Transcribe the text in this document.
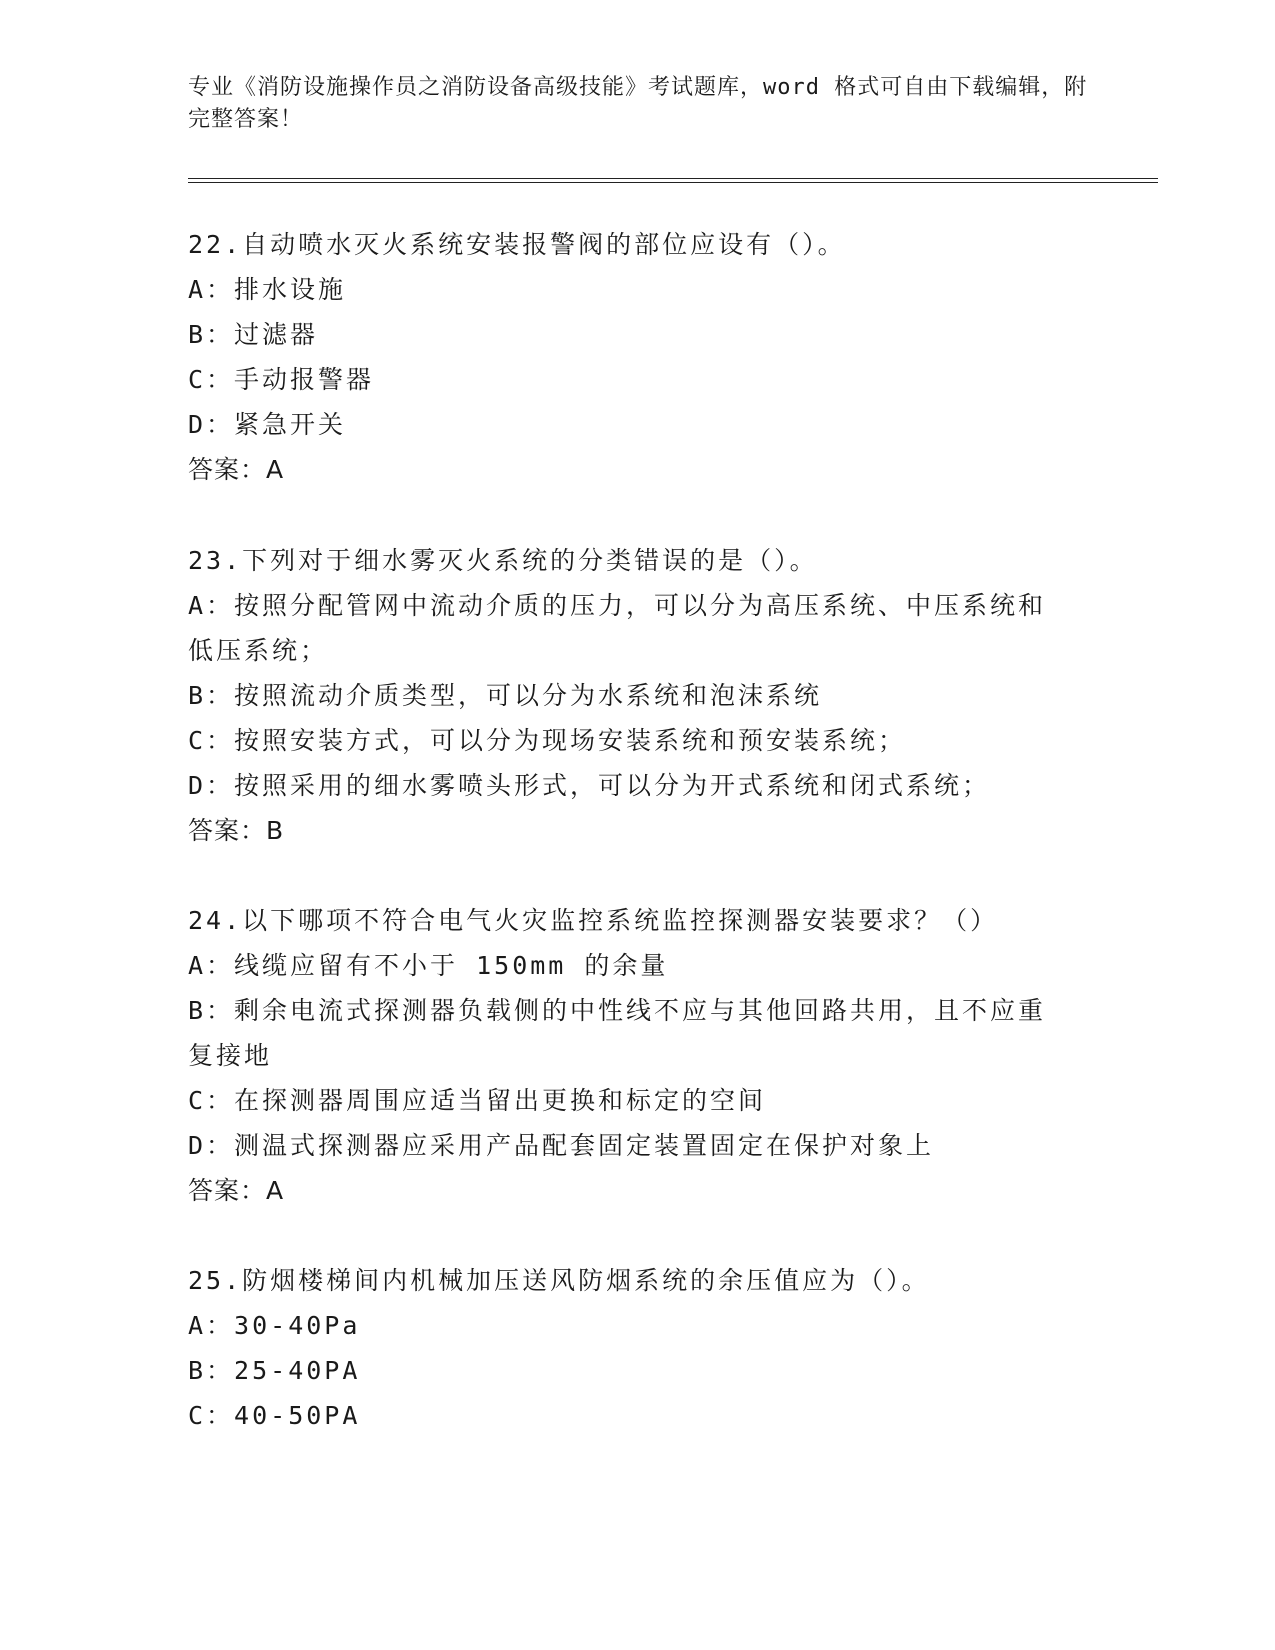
专业《消防设施操作员之消防设备高级技能》考试题库，word 格式可自由下载编辑，附完整答案！
22.自动喷水灭火系统安装报警阀的部位应设有（）。
A：排水设施
B：过滤器
C：手动报警器
D：紧急开关
答案：A
23.下列对于细水雾灭火系统的分类错误的是（）。
A：按照分配管网中流动介质的压力，可以分为高压系统、中压系统和低压系统；
B：按照流动介质类型，可以分为水系统和泡沫系统
C：按照安装方式，可以分为现场安装系统和预安装系统；
D：按照采用的细水雾喷头形式，可以分为开式系统和闭式系统；
答案：B
24.以下哪项不符合电气火灾监控系统监控探测器安装要求？（）
A：线缆应留有不小于 150mm 的余量
B：剩余电流式探测器负载侧的中性线不应与其他回路共用，且不应重复接地
C：在探测器周围应适当留出更换和标定的空间
D：测温式探测器应采用产品配套固定装置固定在保护对象上
答案：A
25.防烟楼梯间内机械加压送风防烟系统的余压值应为（）。
A：30-40Pa
B：25-40PA
C：40-50PA
